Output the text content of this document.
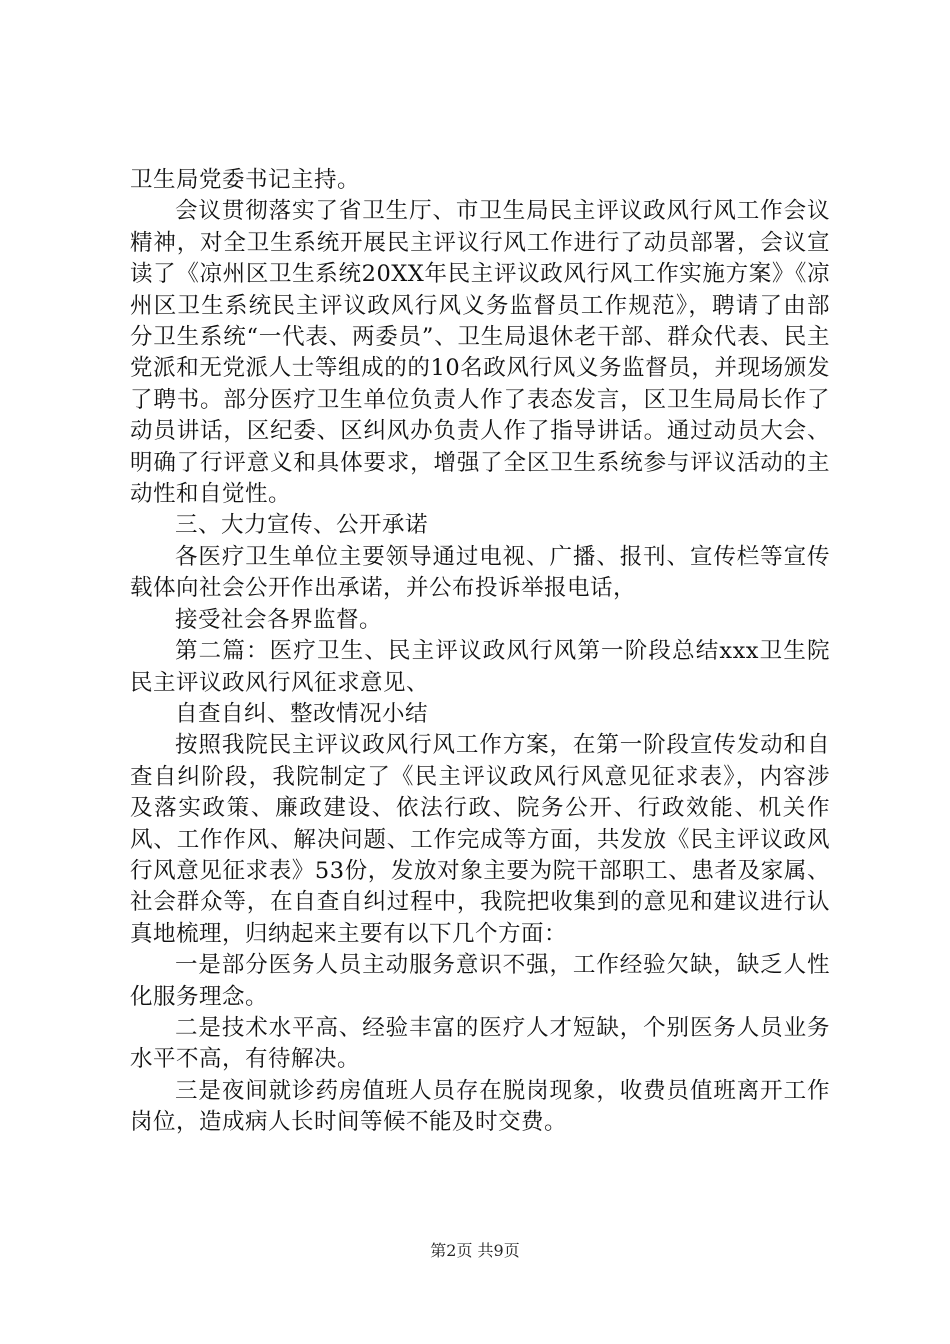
卫生局党委书记主持。

会议贯彻落实了省卫生厅、市卫生局民主评议政风行风工作会议精神，对全卫生系统开展民主评议行风工作进行了动员部署，会议宣读了《凉州区卫生系统20XX年民主评议政风行风工作实施方案》《凉州区卫生系统民主评议政风行风义务监督员工作规范》，聘请了由部分卫生系统“一代表、两委员”、卫生局退休老干部、群众代表、民主党派和无党派人士等组成的的10名政风行风义务监督员，并现场颁发了聘书。部分医疗卫生单位负责人作了表态发言，区卫生局局长作了动员讲话，区纪委、区纠风办负责人作了指导讲话。通过动员大会、明确了行评意义和具体要求，增强了全区卫生系统参与评议活动的主动性和自觉性。

三、大力宣传、公开承诺

各医疗卫生单位主要领导通过电视、广播、报刊、宣传栏等宣传载体向社会公开作出承诺，并公布投诉举报电话，

接受社会各界监督。

第二篇：医疗卫生、民主评议政风行风第一阶段总结xxx卫生院民主评议政风行风征求意见、

自查自纠、整改情况小结

按照我院民主评议政风行风工作方案，在第一阶段宣传发动和自查自纠阶段，我院制定了《民主评议政风行风意见征求表》，内容涉及落实政策、廉政建设、依法行政、院务公开、行政效能、机关作风、工作作风、解决问题、工作完成等方面，共发放《民主评议政风行风意见征求表》53份，发放对象主要为院干部职工、患者及家属、社会群众等，在自查自纠过程中，我院把收集到的意见和建议进行认真地梳理，归纳起来主要有以下几个方面：

一是部分医务人员主动服务意识不强，工作经验欠缺，缺乏人性化服务理念。

二是技术水平高、经验丰富的医疗人才短缺，个别医务人员业务水平不高，有待解决。

三是夜间就诊药房值班人员存在脱岗现象，收费员值班离开工作岗位，造成病人长时间等候不能及时交费。

第2页 共9页
